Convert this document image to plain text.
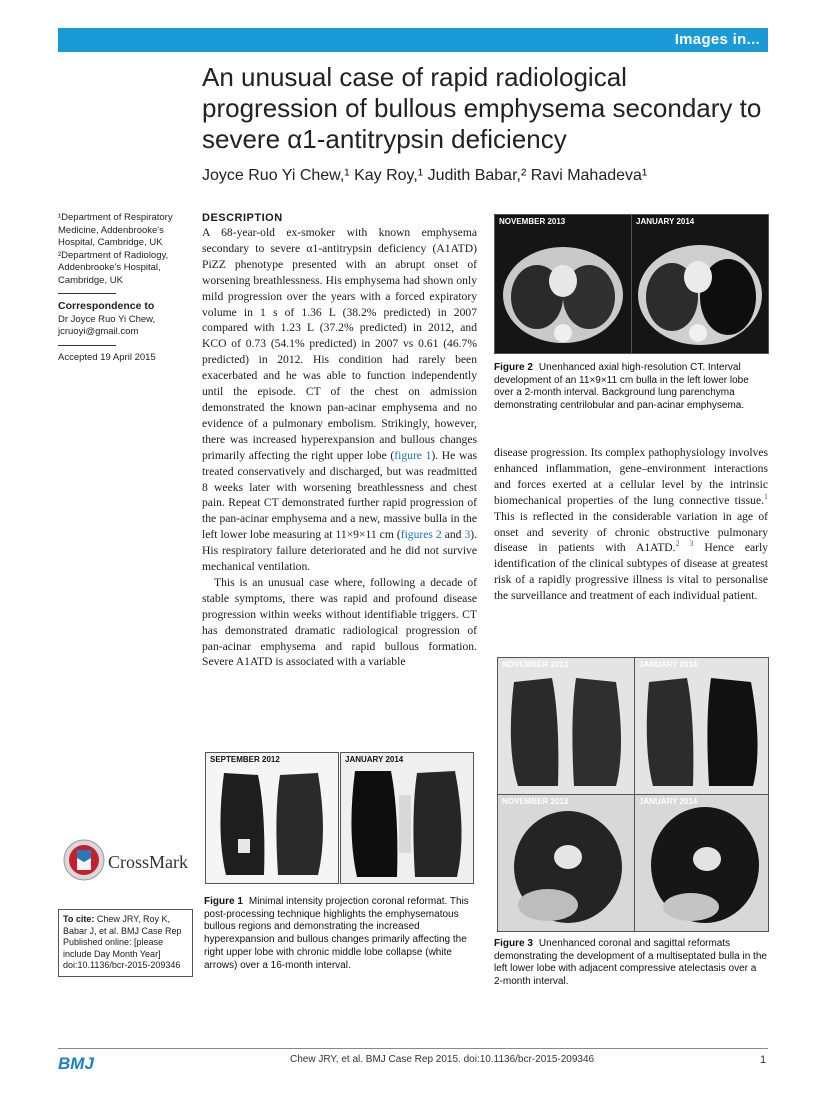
Images in...
An unusual case of rapid radiological progression of bullous emphysema secondary to severe α1-antitrypsin deficiency
Joyce Ruo Yi Chew,¹ Kay Roy,¹ Judith Babar,² Ravi Mahadeva¹
¹Department of Respiratory Medicine, Addenbrooke's Hospital, Cambridge, UK
²Department of Radiology, Addenbrooke's Hospital, Cambridge, UK
Correspondence to
Dr Joyce Ruo Yi Chew,
jcruoyi@gmail.com
Accepted 19 April 2015
CrossMark
To cite: Chew JRY, Roy K, Babar J, et al. BMJ Case Rep Published online: [please include Day Month Year] doi:10.1136/bcr-2015-209346
DESCRIPTION

A 68-year-old ex-smoker with known emphysema secondary to severe α1-antitrypsin deficiency (A1ATD) PiZZ phenotype presented with an abrupt onset of worsening breathlessness. His emphysema had shown only mild progression over the years with a forced expiratory volume in 1 s of 1.36 L (38.2% predicted) in 2007 compared with 1.23 L (37.2% predicted) in 2012, and KCO of 0.73 (54.1% predicted) in 2007 vs 0.61 (46.7% predicted) in 2012. His condition had rarely been exacerbated and he was able to function independently until the episode. CT of the chest on admission demonstrated the known pan-acinar emphysema and no evidence of a pulmonary embolism. Strikingly, however, there was increased hyperexpansion and bullous changes primarily affecting the right upper lobe (figure 1). He was treated conservatively and discharged, but was readmitted 8 weeks later with worsening breathlessness and chest pain. Repeat CT demonstrated further rapid progression of the pan-acinar emphysema and a new, massive bulla in the left lower lobe measuring at 11×9×11 cm (figures 2 and 3). His respiratory failure deteriorated and he did not survive mechanical ventilation.

This is an unusual case where, following a decade of stable symptoms, there was rapid and profound disease progression within weeks without identifiable triggers. CT has demonstrated dramatic radiological progression of pan-acinar emphysema and rapid bullous formation. Severe A1ATD is associated with a variable

disease progression. Its complex pathophysiology involves enhanced inflammation, gene–environment interactions and forces exerted at a cellular level by the intrinsic biomechanical properties of the lung connective tissue.$^1$ This is reflected in the considerable variation in age of onset and severity of chronic obstructive pulmonary disease in patients with A1ATD.$^{2 3}$ Hence early identification of the clinical subtypes of disease at greatest risk of a rapidly progressive illness is vital to personalise the surveillance and treatment of each individual patient.

NOVEMBER 2013	JANUARY 2014
Figure 2 Unenhanced axial high-resolution CT. Interval development of an 11×9×11 cm bulla in the left lower lobe over a 2-month interval. Background lung parenchyma demonstrating centrilobular and pan-acinar emphysema.
SEPTEMBER 2012	JANUARY 2014
Figure 1 Minimal intensity projection coronal reformat. This post-processing technique highlights the emphysematous bullous regions and demonstrating the increased hyperexpansion and bullous changes primarily affecting the right upper lobe with chronic middle lobe collapse (white arrows) over a 16-month interval.
NOVEMBER 2013	JANUARY 2014
NOVEMBER 2013	JANUARY 2014
Figure 3 Unenhanced coronal and sagittal reformats demonstrating the development of a multiseptated bulla in the left lower lobe with adjacent compressive atelectasis over a 2-month interval.
BMJ	Chew JRY, et al. BMJ Case Rep 2015. doi:10.1136/bcr-2015-209346	1
